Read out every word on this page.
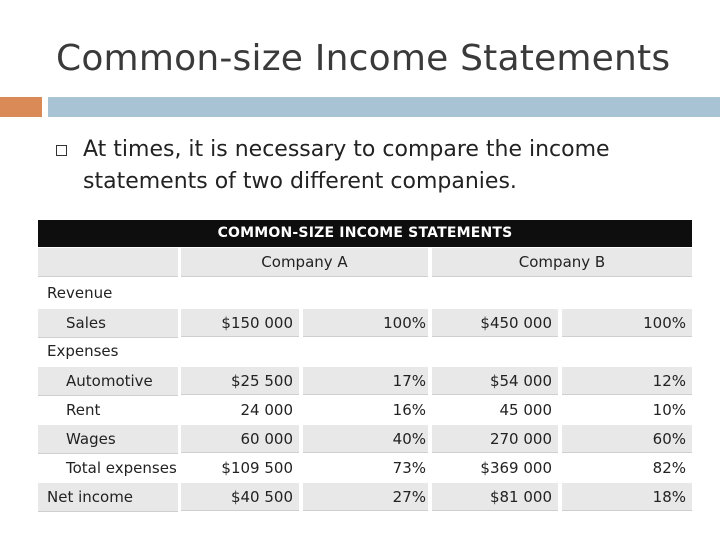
Common-size Income Statements
At times, it is necessary to compare the income statements of two different companies.
COMMON-SIZE INCOME STATEMENTS
Company A	Company B
Revenue
Sales	$150 000	100%	$450 000	100%
Expenses
Automotive	$25 500	17%	$54 000	12%
Rent	24 000	16%	45 000	10%
Wages	60 000	40%	270 000	60%
Total expenses	$109 500	73%	$369 000	82%
Net income	$40 500	27%	$81 000	18%
